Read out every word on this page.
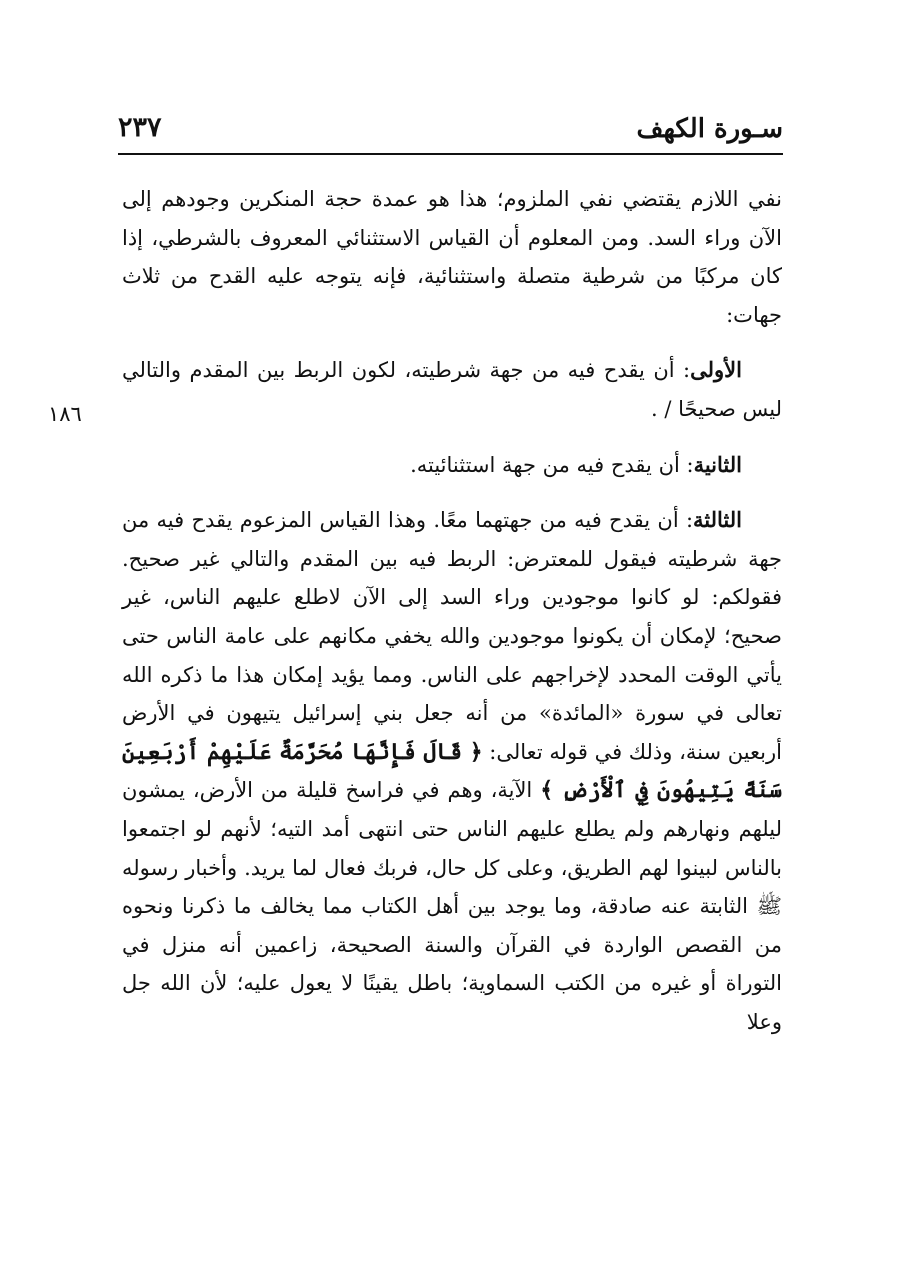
سـورة الكهف
٢٣٧
١٨٦

نفي اللازم يقتضي نفي الملزوم؛ هذا هو عمدة حجة المنكرين وجودهم إلى الآن وراء السد. ومن المعلوم أن القياس الاستثنائي المعروف بالشرطي، إذا كان مركبًا من شرطية متصلة واستثنائية، فإنه يتوجه عليه القدح من ثلاث جهات:

الأولى: أن يقدح فيه من جهة شرطيته، لكون الربط بين المقدم والتالي ليس صحيحًا / .

الثانية: أن يقدح فيه من جهة استثنائيته.

الثالثة: أن يقدح فيه من جهتهما معًا. وهذا القياس المزعوم يقدح فيه من جهة شرطيته فيقول للمعترض: الربط فيه بين المقدم والتالي غير صحيح. فقولكم: لو كانوا موجودين وراء السد إلى الآن لاطلع عليهم الناس، غير صحيح؛ لإمكان أن يكونوا موجودين والله يخفي مكانهم على عامة الناس حتى يأتي الوقت المحدد لإخراجهم على الناس. ومما يؤيد إمكان هذا ما ذكره الله تعالى في سورة «المائدة» من أنه جعل بني إسرائيل يتيهون في الأرض أربعين سنة، وذلك في قوله تعالى: ﴿ قَالَ فَإِنَّهَا مُحَرَّمَةٌ عَلَيْهِمْ أَرْبَعِينَ سَنَةً يَتِيهُونَ فِي ٱلْأَرْضِ ﴾ الآية، وهم في فراسخ قليلة من الأرض، يمشون ليلهم ونهارهم ولم يطلع عليهم الناس حتى انتهى أمد التيه؛ لأنهم لو اجتمعوا بالناس لبينوا لهم الطريق، وعلى كل حال، فربك فعال لما يريد. وأخبار رسوله ﷺ الثابتة عنه صادقة، وما يوجد بين أهل الكتاب مما يخالف ما ذكرنا ونحوه من القصص الواردة في القرآن والسنة الصحيحة، زاعمين أنه منزل في التوراة أو غيره من الكتب السماوية؛ باطل يقينًا لا يعول عليه؛ لأن الله جل وعلا
